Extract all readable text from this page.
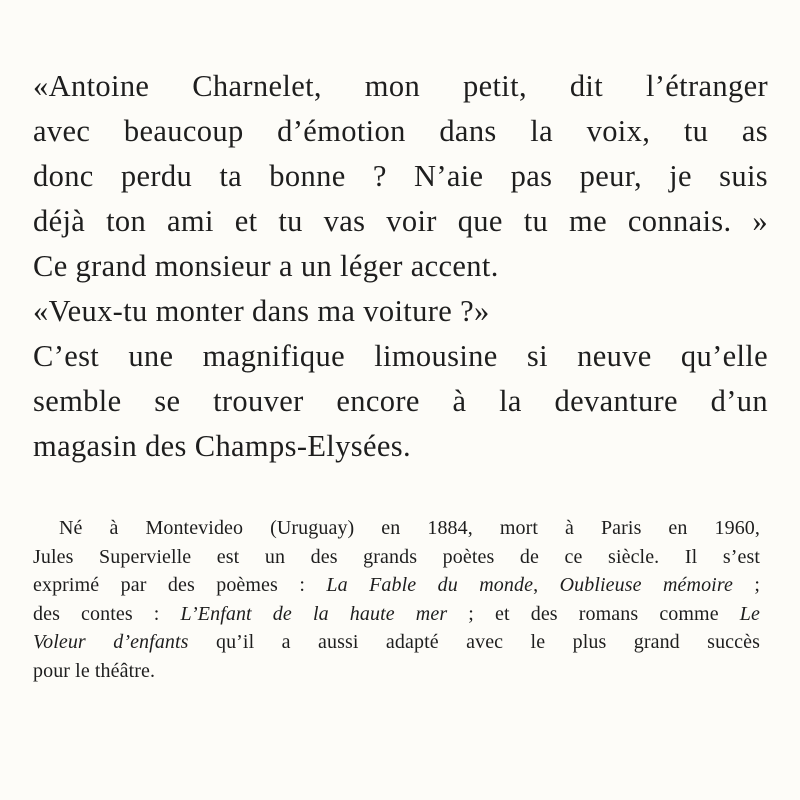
«Antoine Charnelet, mon petit, dit l’étranger
avec beaucoup d’émotion dans la voix, tu as
donc perdu ta bonne ? N’aie pas peur, je suis
déjà ton ami et tu vas voir que tu me connais. »
Ce grand monsieur a un léger accent.
«Veux-tu monter dans ma voiture ?»
C’est une magnifique limousine si neuve qu’elle
semble se trouver encore à la devanture d’un
magasin des Champs-Elysées.
Né à Montevideo (Uruguay) en 1884, mort à Paris en 1960,
Jules Supervielle est un des grands poètes de ce siècle. Il s’est
exprimé par des poèmes : La Fable du monde, Oublieuse mémoire ;
des contes : L’Enfant de la haute mer ; et des romans comme Le
Voleur d’enfants qu’il a aussi adapté avec le plus grand succès
pour le théâtre.
